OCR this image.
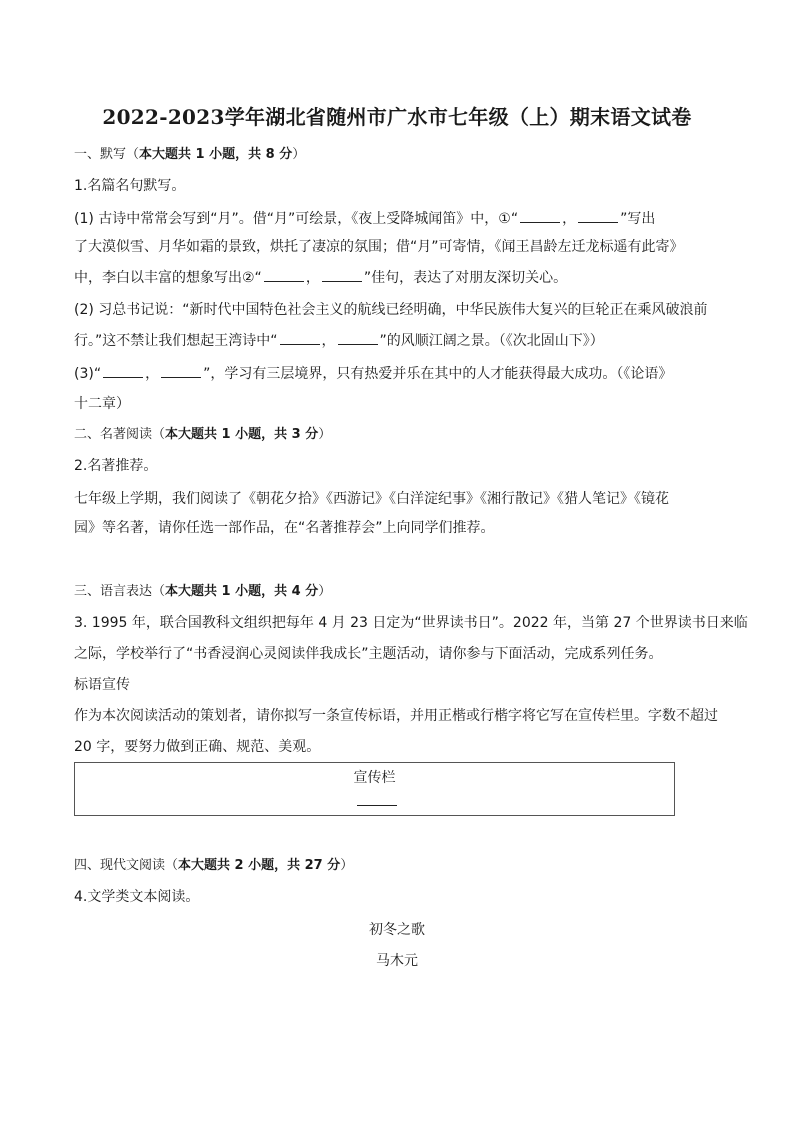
2022-2023学年湖北省随州市广水市七年级（上）期末语文试卷
一、默写（本大题共 1 小题，共 8 分）
1.名篇名句默写。
(1) 古诗中常常会写到“月”。借“月”可绘景，《夜上受降城闻笛》中，①“	，	”写出
了大漠似雪、月华如霜的景致，烘托了凄凉的氛围；借“月”可寄情，《闻王昌龄左迁龙标遥有此寄》
中，李白以丰富的想象写出②“	，	”佳句，表达了对朋友深切关心。
(2) 习总书记说：“新时代中国特色社会主义的航线已经明确，中华民族伟大复兴的巨轮正在乘风破浪前
行。”这不禁让我们想起王湾诗中“	，	”的风顺江阔之景。（《次北固山下》）
(3)“	，	”，学习有三层境界，只有热爱并乐在其中的人才能获得最大成功。（《论语》
十二章）
二、名著阅读（本大题共 1 小题，共 3 分）
2.名著推荐。
七年级上学期，我们阅读了《朝花夕拾》《西游记》《白洋淀纪事》《湘行散记》《猎人笔记》《镜花
园》等名著，请你任选一部作品，在“名著推荐会”上向同学们推荐。
三、语言表达（本大题共 1 小题，共 4 分）
3. 1995 年，联合国教科文组织把每年 4 月 23 日定为“世界读书日”。2022 年，当第 27 个世界读书日来临
之际，学校举行了“书香浸润心灵阅读伴我成长”主题活动，请你参与下面活动，完成系列任务。
标语宣传
作为本次阅读活动的策划者，请你拟写一条宣传标语，并用正楷或行楷字将它写在宣传栏里。字数不超过
20 字，要努力做到正确、规范、美观。
宣传栏
四、现代文阅读（本大题共 2 小题，共 27 分）
4.文学类文本阅读。
初冬之歌
马木元
